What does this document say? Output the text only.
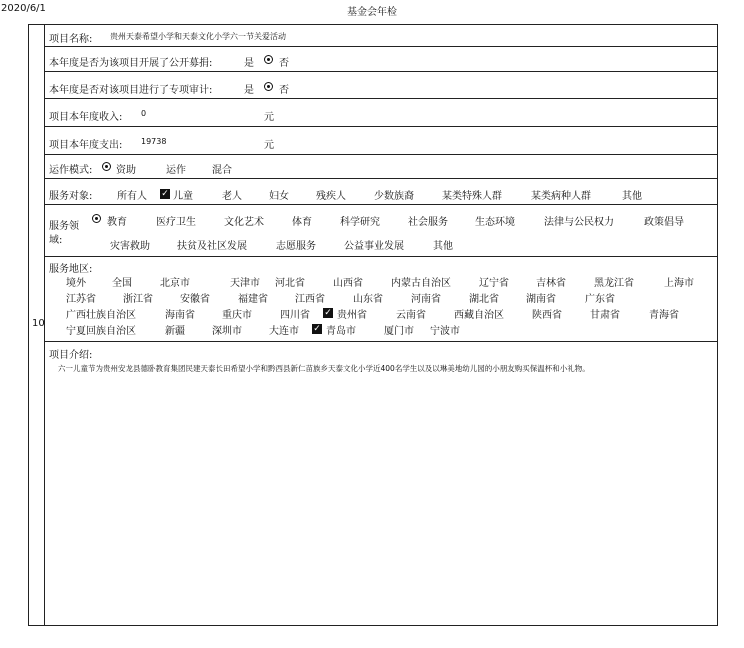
2020/6/1	基金会年检
10
项目名称: 贵州天泰希望小学和天泰文化小学六一节关爱活动
本年度是否为该项目开展了公开募捐:	是	否
本年度是否对该项目进行了专项审计:	是	否
项目本年度收入: 0	元
项目本年度支出: 19738	元
运作模式: 资助	运作	混合
服务对象: 所有人 ✓ 儿童	老人	妇女	残疾人	少数族裔	某类特殊人群	某类病种人群	其他
服务领
域:
教育	医疗卫生	文化艺术	体育	科学研究	社会服务	生态环境	法律与公民权力	政策倡导
灾害救助	扶贫及社区发展	志愿服务	公益事业发展	其他
服务地区:
境外	全国	北京市	天津市 河北省	山西省	内蒙古自治区	辽宁省	吉林省	黑龙江省	上海市
江苏省	浙江省	安徽省	福建省	江西省	山东省	河南省	湖北省	湖南省	广东省
广西壮族自治区	海南省	重庆市	四川省 ✓ 贵州省	云南省	西藏自治区	陕西省	甘肃省	青海省
宁夏回族自治区	新疆	深圳市	大连市 ✓ 青岛市	厦门市 宁波市
项目介绍:
六一儿童节为贵州安龙县德卧教育集团民建天泰长田希望小学和黔西县新仁苗族乡天泰文化小学近400名学生以及以琳美地幼儿园的小朋友购买保温杯和小礼物。
